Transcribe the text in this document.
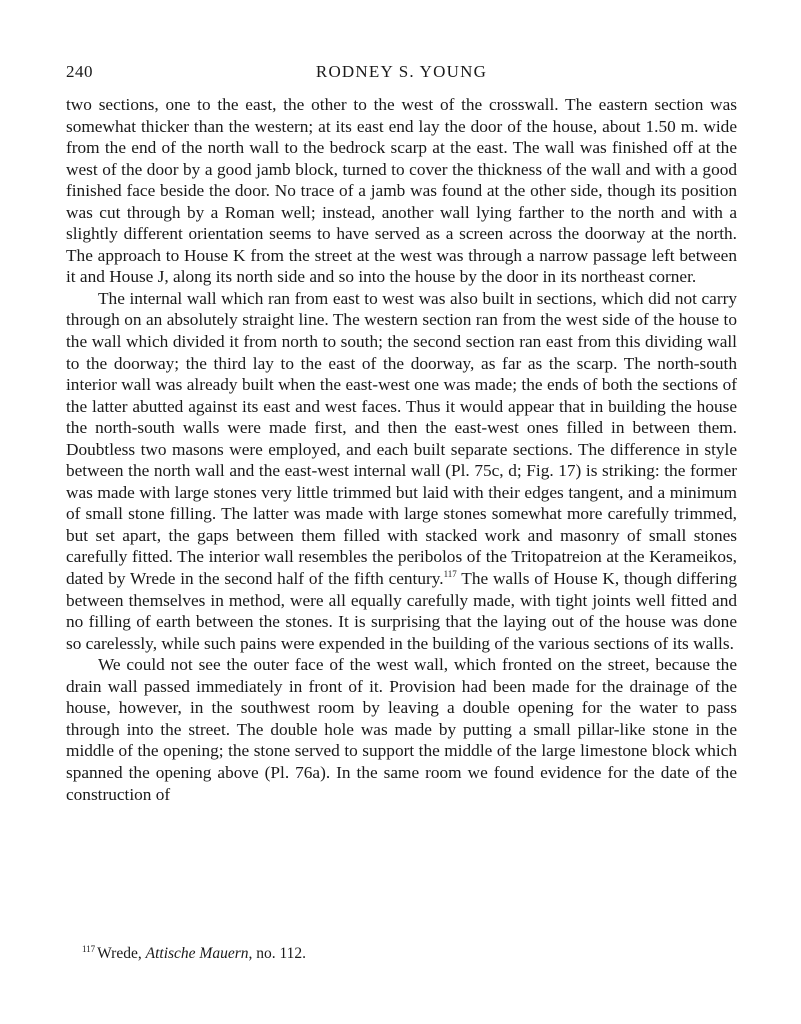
240	RODNEY S. YOUNG

two sections, one to the east, the other to the west of the crosswall. The eastern section was somewhat thicker than the western; at its east end lay the door of the house, about 1.50 m. wide from the end of the north wall to the bedrock scarp at the east. The wall was finished off at the west of the door by a good jamb block, turned to cover the thickness of the wall and with a good finished face beside the door. No trace of a jamb was found at the other side, though its position was cut through by a Roman well; instead, another wall lying farther to the north and with a slightly different orientation seems to have served as a screen across the doorway at the north. The approach to House K from the street at the west was through a narrow passage left between it and House J, along its north side and so into the house by the door in its northeast corner.

The internal wall which ran from east to west was also built in sections, which did not carry through on an absolutely straight line. The western section ran from the west side of the house to the wall which divided it from north to south; the second section ran east from this dividing wall to the doorway; the third lay to the east of the doorway, as far as the scarp. The north-south interior wall was already built when the east-west one was made; the ends of both the sections of the latter abutted against its east and west faces. Thus it would appear that in building the house the north-south walls were made first, and then the east-west ones filled in between them. Doubtless two masons were employed, and each built separate sections. The difference in style between the north wall and the east-west internal wall (Pl. 75c, d; Fig. 17) is striking: the former was made with large stones very little trimmed but laid with their edges tangent, and a minimum of small stone filling. The latter was made with large stones somewhat more carefully trimmed, but set apart, the gaps between them filled with stacked work and masonry of small stones carefully fitted. The interior wall resembles the peribolos of the Tritopatreion at the Kerameikos, dated by Wrede in the second half of the fifth century.$^{117}$ The walls of House K, though differing between themselves in method, were all equally carefully made, with tight joints well fitted and no filling of earth between the stones. It is surprising that the laying out of the house was done so carelessly, while such pains were expended in the building of the various sections of its walls.

We could not see the outer face of the west wall, which fronted on the street, because the drain wall passed immediately in front of it. Provision had been made for the drainage of the house, however, in the southwest room by leaving a double opening for the water to pass through into the street. The double hole was made by putting a small pillar-like stone in the middle of the opening; the stone served to support the middle of the large limestone block which spanned the opening above (Pl. 76a). In the same room we found evidence for the date of the construction of

$^{117}$ Wrede, Attische Mauern, no. 112.
